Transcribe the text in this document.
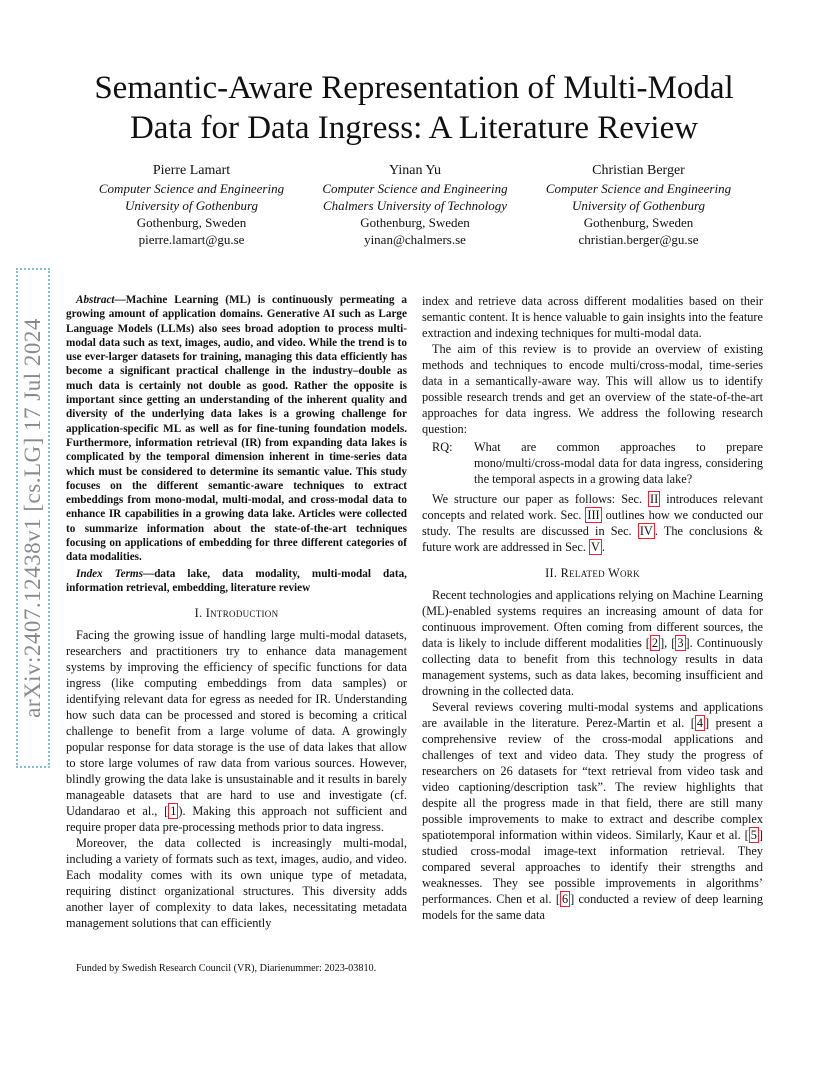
Semantic-Aware Representation of Multi-Modal Data for Data Ingress: A Literature Review
Pierre Lamart
Computer Science and Engineering
University of Gothenburg
Gothenburg, Sweden
pierre.lamart@gu.se
Yinan Yu
Computer Science and Engineering
Chalmers University of Technology
Gothenburg, Sweden
yinan@chalmers.se
Christian Berger
Computer Science and Engineering
University of Gothenburg
Gothenburg, Sweden
christian.berger@gu.se
arXiv:2407.12438v1 [cs.LG] 17 Jul 2024

Abstract—Machine Learning (ML) is continuously permeating a growing amount of application domains. Generative AI such as Large Language Models (LLMs) also sees broad adoption to process multi-modal data such as text, images, audio, and video. While the trend is to use ever-larger datasets for training, managing this data efficiently has become a significant practical challenge in the industry–double as much data is certainly not double as good. Rather the opposite is important since getting an understanding of the inherent quality and diversity of the underlying data lakes is a growing challenge for application-specific ML as well as for fine-tuning foundation models. Furthermore, information retrieval (IR) from expanding data lakes is complicated by the temporal dimension inherent in time-series data which must be considered to determine its semantic value. This study focuses on the different semantic-aware techniques to extract embeddings from mono-modal, multi-modal, and cross-modal data to enhance IR capabilities in a growing data lake. Articles were collected to summarize information about the state-of-the-art techniques focusing on applications of embedding for three different categories of data modalities.

Index Terms—data lake, data modality, multi-modal data, information retrieval, embedding, literature review

I. Introduction

Facing the growing issue of handling large multi-modal datasets, researchers and practitioners try to enhance data management systems by improving the efficiency of specific functions for data ingress (like computing embeddings from data samples) or identifying relevant data for egress as needed for IR. Understanding how such data can be processed and stored is becoming a critical challenge to benefit from a large volume of data. A growingly popular response for data storage is the use of data lakes that allow to store large volumes of raw data from various sources. However, blindly growing the data lake is unsustainable and it results in barely manageable datasets that are hard to use and investigate (cf. Udandarao et al., [ 1 ). Making this approach not sufficient and require proper data pre-processing methods prior to data ingress.

Moreover, the data collected is increasingly multi-modal, including a variety of formats such as text, images, audio, and video. Each modality comes with its own unique type of metadata, requiring distinct organizational structures. This diversity adds another layer of complexity to data lakes, necessitating metadata management solutions that can efficiently

index and retrieve data across different modalities based on their semantic content. It is hence valuable to gain insights into the feature extraction and indexing techniques for multi-modal data.

The aim of this review is to provide an overview of existing methods and techniques to encode multi/cross-modal, time-series data in a semantically-aware way. This will allow us to identify possible research trends and get an overview of the state-of-the-art approaches for data ingress. We address the following research question:

RQ:	What are common approaches to prepare mono/multi/cross-modal data for data ingress, considering the temporal aspects in a growing data lake?

We structure our paper as follows: Sec. II introduces relevant concepts and related work. Sec. III outlines how we conducted our study. The results are discussed in Sec. IV . The conclusions & future work are addressed in Sec. V .

II. Related Work

Recent technologies and applications relying on Machine Learning (ML)-enabled systems requires an increasing amount of data for continuous improvement. Often coming from different sources, the data is likely to include different modalities [ 2 ], [ 3 ]. Continuously collecting data to benefit from this technology results in data management systems, such as data lakes, becoming insufficient and drowning in the collected data.

Several reviews covering multi-modal systems and applications are available in the literature. Perez-Martin et al. [ 4 ] present a comprehensive review of the cross-modal applications and challenges of text and video data. They study the progress of researchers on 26 datasets for “text retrieval from video task and video captioning/description task”. The review highlights that despite all the progress made in that field, there are still many possible improvements to make to extract and describe complex spatiotemporal information within videos. Similarly, Kaur et al. [ 5 ] studied cross-modal image-text information retrieval. They compared several approaches to identify their strengths and weaknesses. They see possible improvements in algorithms’ performances. Chen et al. [ 6 ] conducted a review of deep learning models for the same data

Funded by Swedish Research Council (VR), Diarienummer: 2023-03810.
